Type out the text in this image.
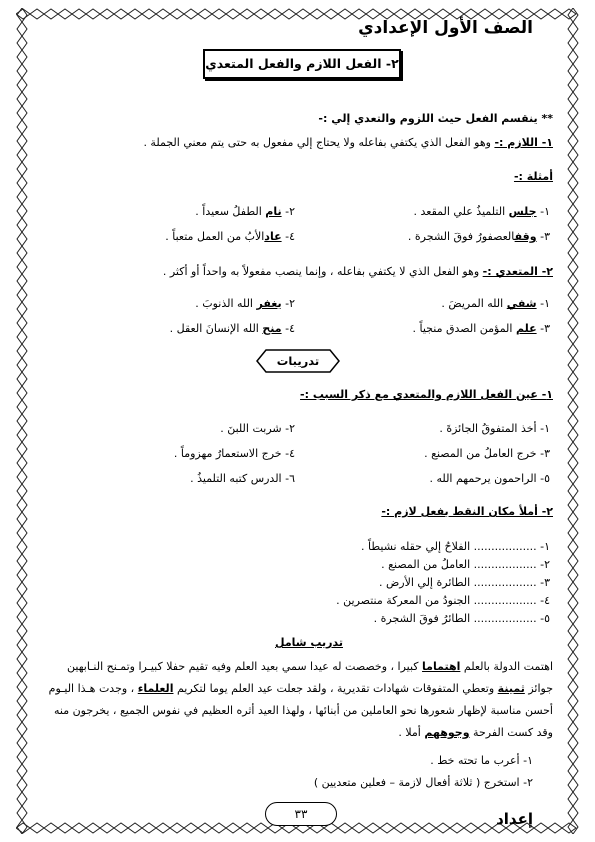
الصف الأول الإعدادي
٢- الفعل اللازم والفعل المتعدي
** ينقسم الفعل حيث اللزوم والتعدي إلي :-
١- اللازم :- وهو الفعل الذي يكتفي بفاعله ولا يحتاج إلي مفعول به حتى يتم معني الجملة .
أمثلة :-
١- جلس التلميذُ علي المقعد .
٢- نام الطفلُ سعيداً .
٣- وقفالعصفورُ فوقَ الشجرة .
٤- عادالأبُ من العمل متعباً .
٢- المتعدي :- وهو الفعل الذي لا يكتفي بفاعله ، وإنما ينصب مفعولاً به واحداً أو أكثر .
١- شفي الله المريضَ .
٢- يغفر الله الذنوبَ .
٣- علم المؤمن الصدق منجياً .
٤- منح الله الإنسانَ العقل .
تدريبات
١- عين الفعل اللازم والمتعدي مع ذكر السبب :-
١- أخذ المتفوقُ الجائزةَ .
٢- شربت اللبنَ .
٣- خرج العاملُ من المصنع .
٤- خرج الاستعمارُ مهزوماً .
٥- الراحمون يرحمهم الله .
٦- الدرس كتبه التلميذُ .
٢- أملأ مكان النقط بفعل لازم :-
١- .................. الفلاحُ إلي حقله نشيطاً .
٢- .................. العاملُ من المصنع .
٣- .................. الطائرة إلي الأرض .
٤- .................. الجنودُ من المعركة منتصرين .
٥- .................. الطائرُ فوقَ الشجرة .
تدريب شامل
اهتمت الدولة بالعلم اهتماما كبيرا ، وخصصت له عيدا سمي بعيد العلم وفيه تقيم حفلا كبيـرا وتمـنح النـابهين
جوائز ثمينة وتعطي المتفوقات شهادات تقديرية ، ولقد جعلت عيد العلم يوما لتكريم العلماء ، وجدت هـذا اليـوم
أحسن مناسبة لإظهار شعورها نحو العاملين من أبنائها ، ولهذا العيد أثره العظيم في نفوس الجميع ، يخرجون منه
وقد كست الفرحة وجوههم أملا .
١- أعرب ما تحته خط .
٢- استخرج ( ثلاثة أفعال لازمة – فعلين متعديين )
٣٣	إعداد
